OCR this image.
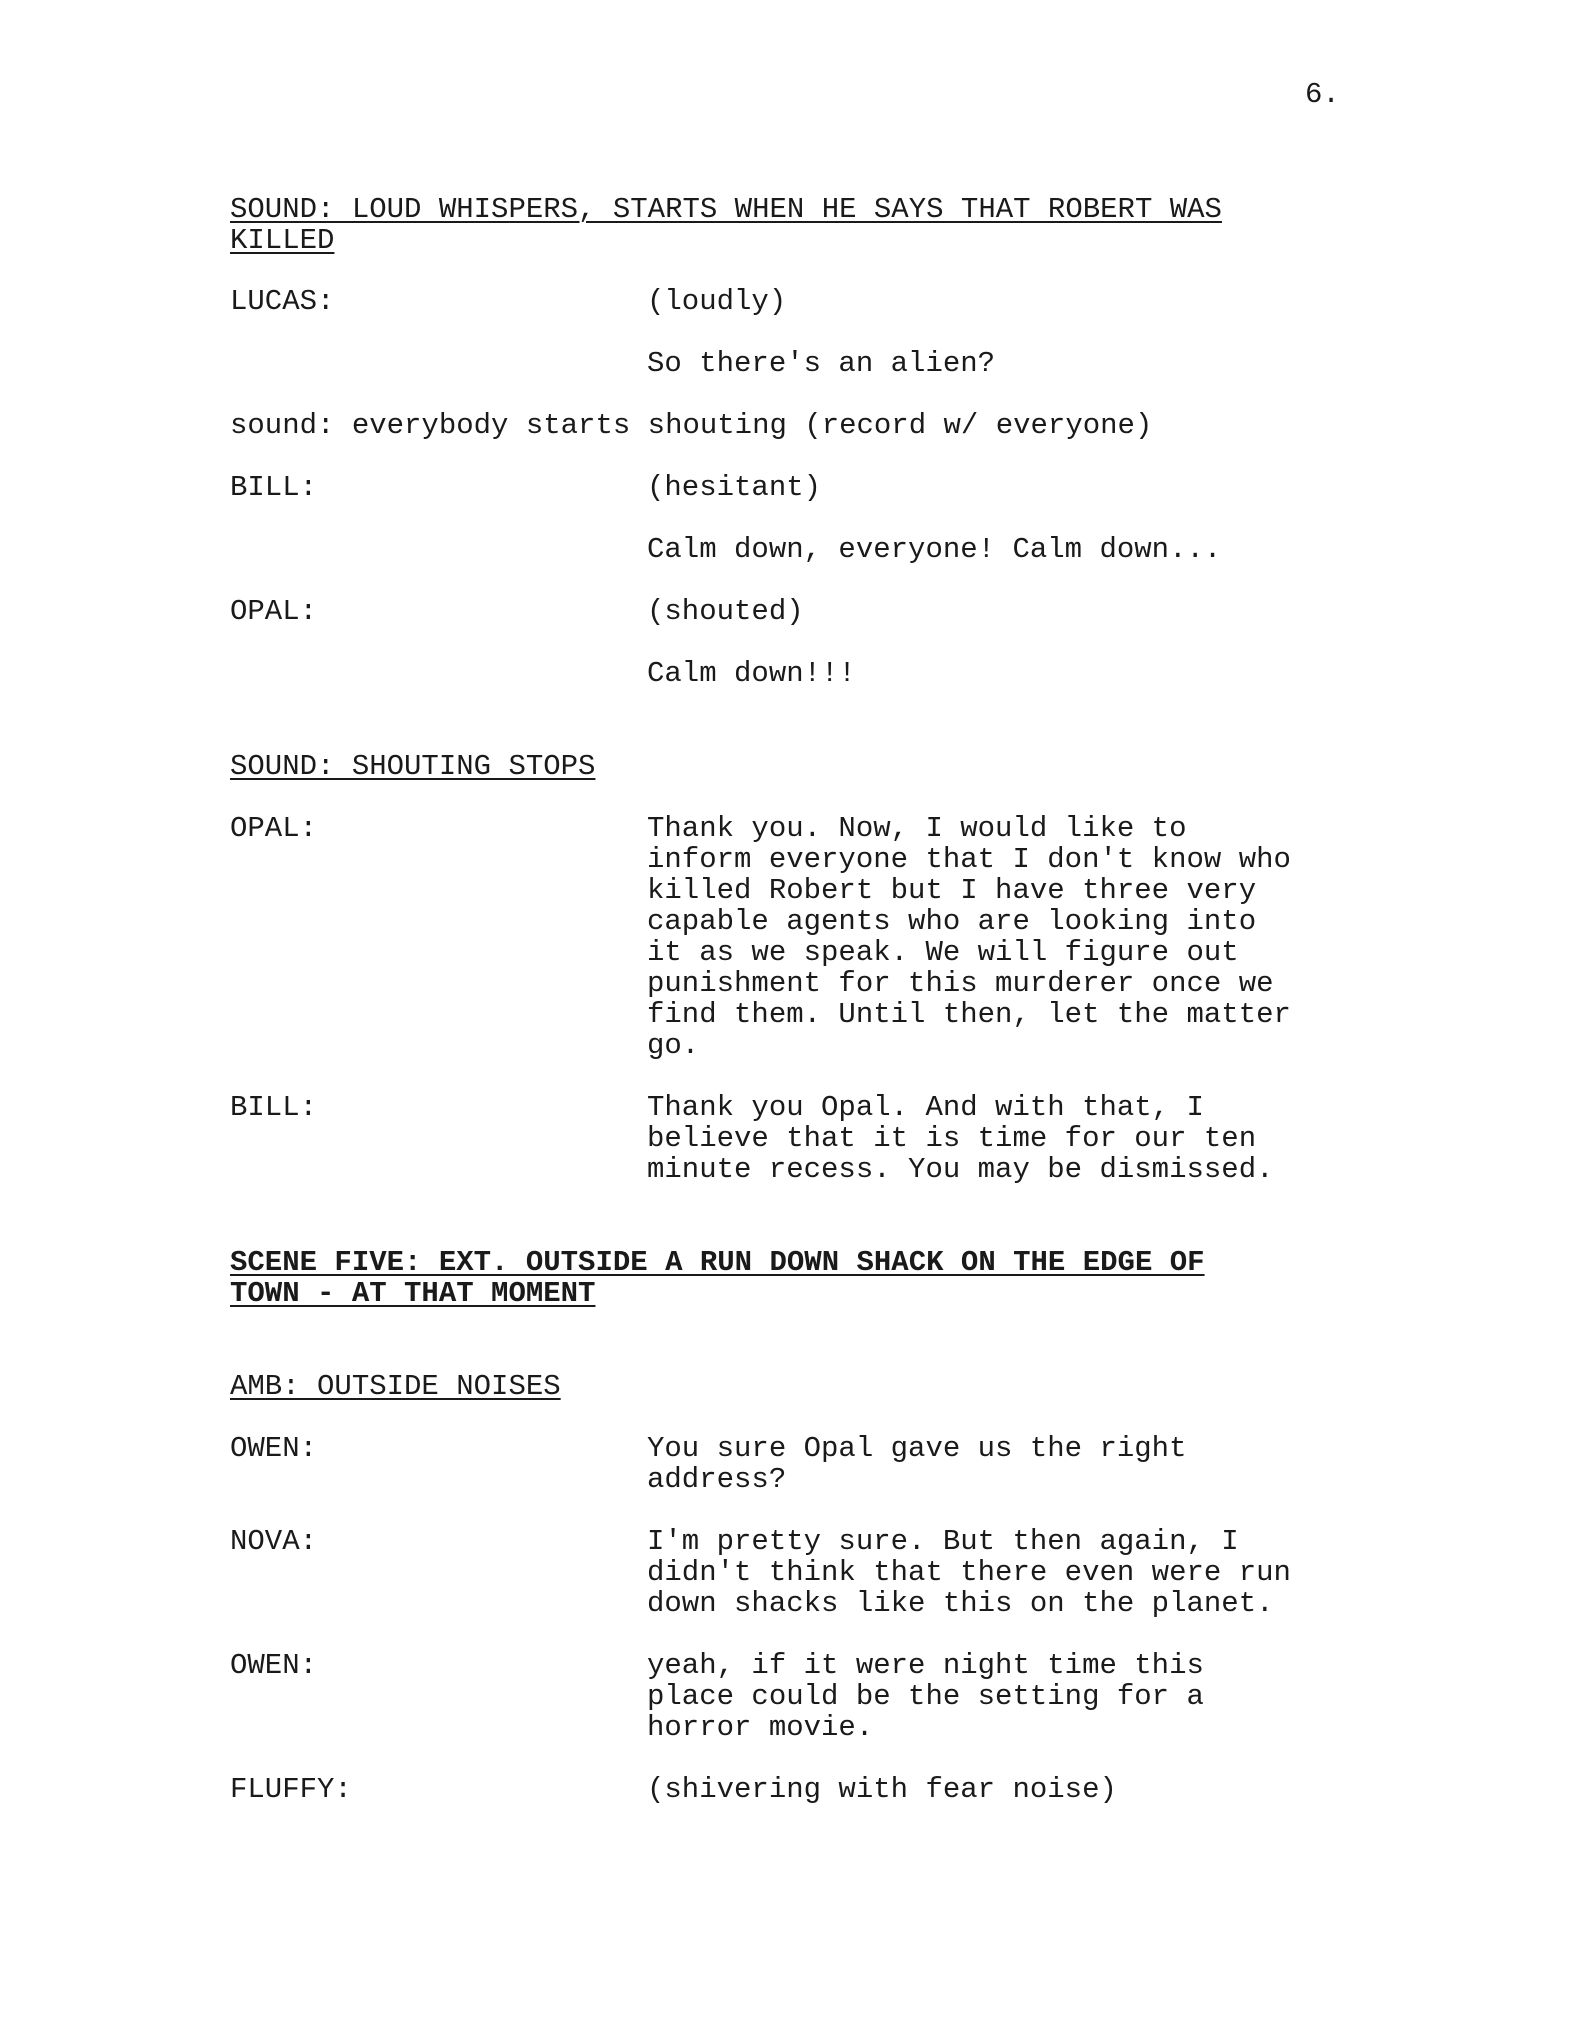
6.

SOUND: LOUD WHISPERS, STARTS WHEN HE SAYS THAT ROBERT WAS
KILLED

LUCAS:	(loudly)

So there's an alien?

sound: everybody starts shouting (record w/ everyone)

BILL:	(hesitant)

Calm down, everyone! Calm down...

OPAL:	(shouted)

Calm down!!!

SOUND: SHOUTING STOPS

OPAL:	Thank you. Now, I would like to
inform everyone that I don't know who
killed Robert but I have three very
capable agents who are looking into
it as we speak. We will figure out
punishment for this murderer once we
find them. Until then, let the matter
go.

BILL:	Thank you Opal. And with that, I
believe that it is time for our ten
minute recess. You may be dismissed.

SCENE FIVE: EXT. OUTSIDE A RUN DOWN SHACK ON THE EDGE OF
TOWN - AT THAT MOMENT

AMB: OUTSIDE NOISES

OWEN:	You sure Opal gave us the right
address?

NOVA:	I'm pretty sure. But then again, I
didn't think that there even were run
down shacks like this on the planet.

OWEN:	yeah, if it were night time this
place could be the setting for a
horror movie.

FLUFFY:	(shivering with fear noise)
